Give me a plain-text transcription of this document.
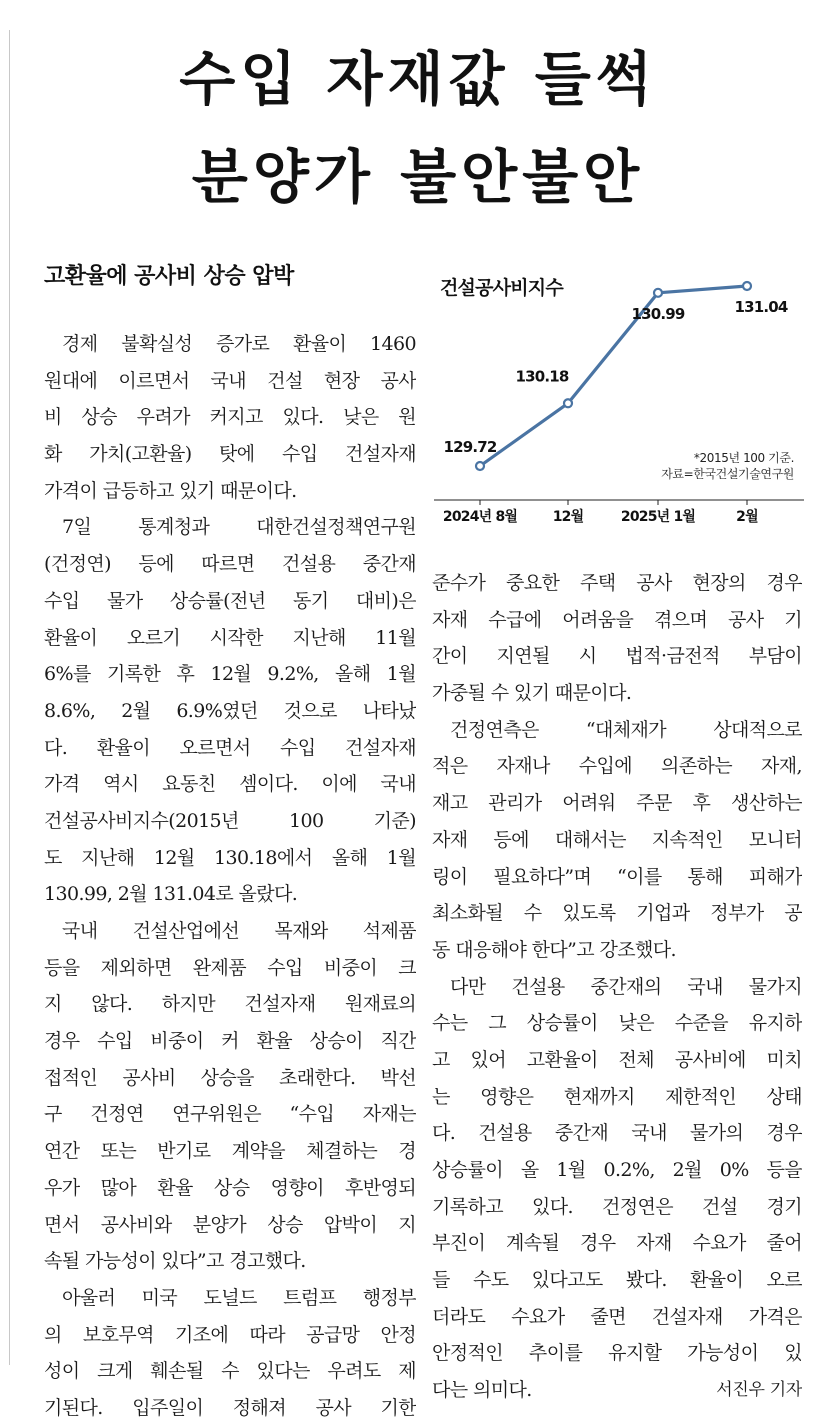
수입 자재값 들썩
분양가 불안불안
고환율에 공사비 상승 압박
경제 불확실성 증가로 환율이 1460
원대에 이르면서 국내 건설 현장 공사
비 상승 우려가 커지고 있다. 낮은 원
화 가치(고환율) 탓에 수입 건설자재
가격이 급등하고 있기 때문이다.
7일 통계청과 대한건설정책연구원
(건정연) 등에 따르면 건설용 중간재
수입 물가 상승률(전년 동기 대비)은
환율이 오르기 시작한 지난해 11월
6%를 기록한 후 12월 9.2%, 올해 1월
8.6%, 2월 6.9%였던 것으로 나타났
다. 환율이 오르면서 수입 건설자재
가격 역시 요동친 셈이다. 이에 국내
건설공사비지수(2015년 100 기준)
도 지난해 12월 130.18에서 올해 1월
130.99, 2월 131.04로 올랐다.
국내 건설산업에선 목재와 석제품
등을 제외하면 완제품 수입 비중이 크
지 않다. 하지만 건설자재 원재료의
경우 수입 비중이 커 환율 상승이 직간
접적인 공사비 상승을 초래한다. 박선
구 건정연 연구위원은 “수입 자재는
연간 또는 반기로 계약을 체결하는 경
우가 많아 환율 상승 영향이 후반영되
면서 공사비와 분양가 상승 압박이 지
속될 가능성이 있다”고 경고했다.
아울러 미국 도널드 트럼프 행정부
의 보호무역 기조에 따라 공급망 안정
성이 크게 훼손될 수 있다는 우려도 제
기된다. 입주일이 정해져 공사 기한
2024년 8월	12월	2025년 1월	2월
129.72
130.18
130.99	131.04
건설공사비지수
*2015년 100 기준.
자료=한국건설기술연구원
준수가 중요한 주택 공사 현장의 경우
자재 수급에 어려움을 겪으며 공사 기
간이 지연될 시 법적·금전적 부담이
가중될 수 있기 때문이다.
건정연측은 “대체재가 상대적으로
적은 자재나 수입에 의존하는 자재,
재고 관리가 어려워 주문 후 생산하는
자재 등에 대해서는 지속적인 모니터
링이 필요하다”며 “이를 통해 피해가
최소화될 수 있도록 기업과 정부가 공
동 대응해야 한다”고 강조했다.
다만 건설용 중간재의 국내 물가지
수는 그 상승률이 낮은 수준을 유지하
고 있어 고환율이 전체 공사비에 미치
는 영향은 현재까지 제한적인 상태
다. 건설용 중간재 국내 물가의 경우
상승률이 올 1월 0.2%, 2월 0% 등을
기록하고 있다. 건정연은 건설 경기
부진이 계속될 경우 자재 수요가 줄어
들 수도 있다고도 봤다. 환율이 오르
더라도 수요가 줄면 건설자재 가격은
안정적인 추이를 유지할 가능성이 있
다는 의미다.	서진우 기자
